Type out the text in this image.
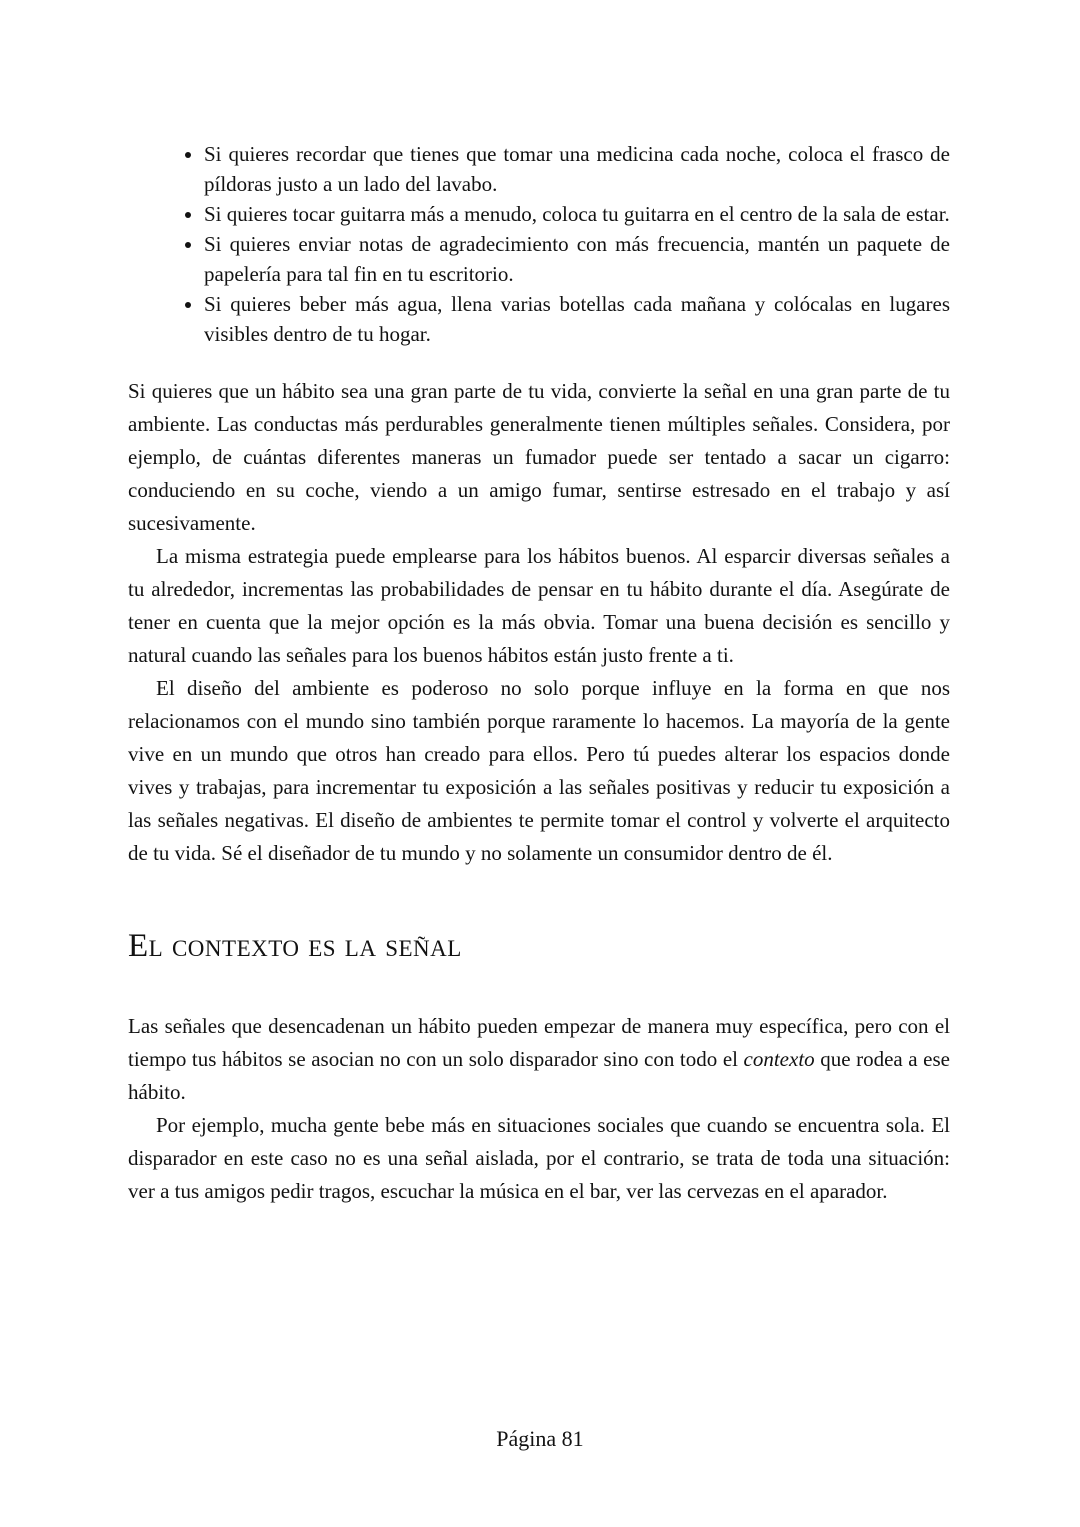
• Si quieres recordar que tienes que tomar una medicina cada noche, coloca el frasco de píldoras justo a un lado del lavabo.
• Si quieres tocar guitarra más a menudo, coloca tu guitarra en el centro de la sala de estar.
• Si quieres enviar notas de agradecimiento con más frecuencia, mantén un paquete de papelería para tal fin en tu escritorio.
• Si quieres beber más agua, llena varias botellas cada mañana y colócalas en lugares visibles dentro de tu hogar.

Si quieres que un hábito sea una gran parte de tu vida, convierte la señal en una gran parte de tu ambiente. Las conductas más perdurables generalmente tienen múltiples señales. Considera, por ejemplo, de cuántas diferentes maneras un fumador puede ser tentado a sacar un cigarro: conduciendo en su coche, viendo a un amigo fumar, sentirse estresado en el trabajo y así sucesivamente.

La misma estrategia puede emplearse para los hábitos buenos. Al esparcir diversas señales a tu alrededor, incrementas las probabilidades de pensar en tu hábito durante el día. Asegúrate de tener en cuenta que la mejor opción es la más obvia. Tomar una buena decisión es sencillo y natural cuando las señales para los buenos hábitos están justo frente a ti.

El diseño del ambiente es poderoso no solo porque influye en la forma en que nos relacionamos con el mundo sino también porque raramente lo hacemos. La mayoría de la gente vive en un mundo que otros han creado para ellos. Pero tú puedes alterar los espacios donde vives y trabajas, para incrementar tu exposición a las señales positivas y reducir tu exposición a las señales negativas. El diseño de ambientes te permite tomar el control y volverte el arquitecto de tu vida. Sé el diseñador de tu mundo y no solamente un consumidor dentro de él.

El contexto es la señal

Las señales que desencadenan un hábito pueden empezar de manera muy específica, pero con el tiempo tus hábitos se asocian no con un solo disparador sino con todo el contexto que rodea a ese hábito.

Por ejemplo, mucha gente bebe más en situaciones sociales que cuando se encuentra sola. El disparador en este caso no es una señal aislada, por el contrario, se trata de toda una situación: ver a tus amigos pedir tragos, escuchar la música en el bar, ver las cervezas en el aparador.

Página 81
